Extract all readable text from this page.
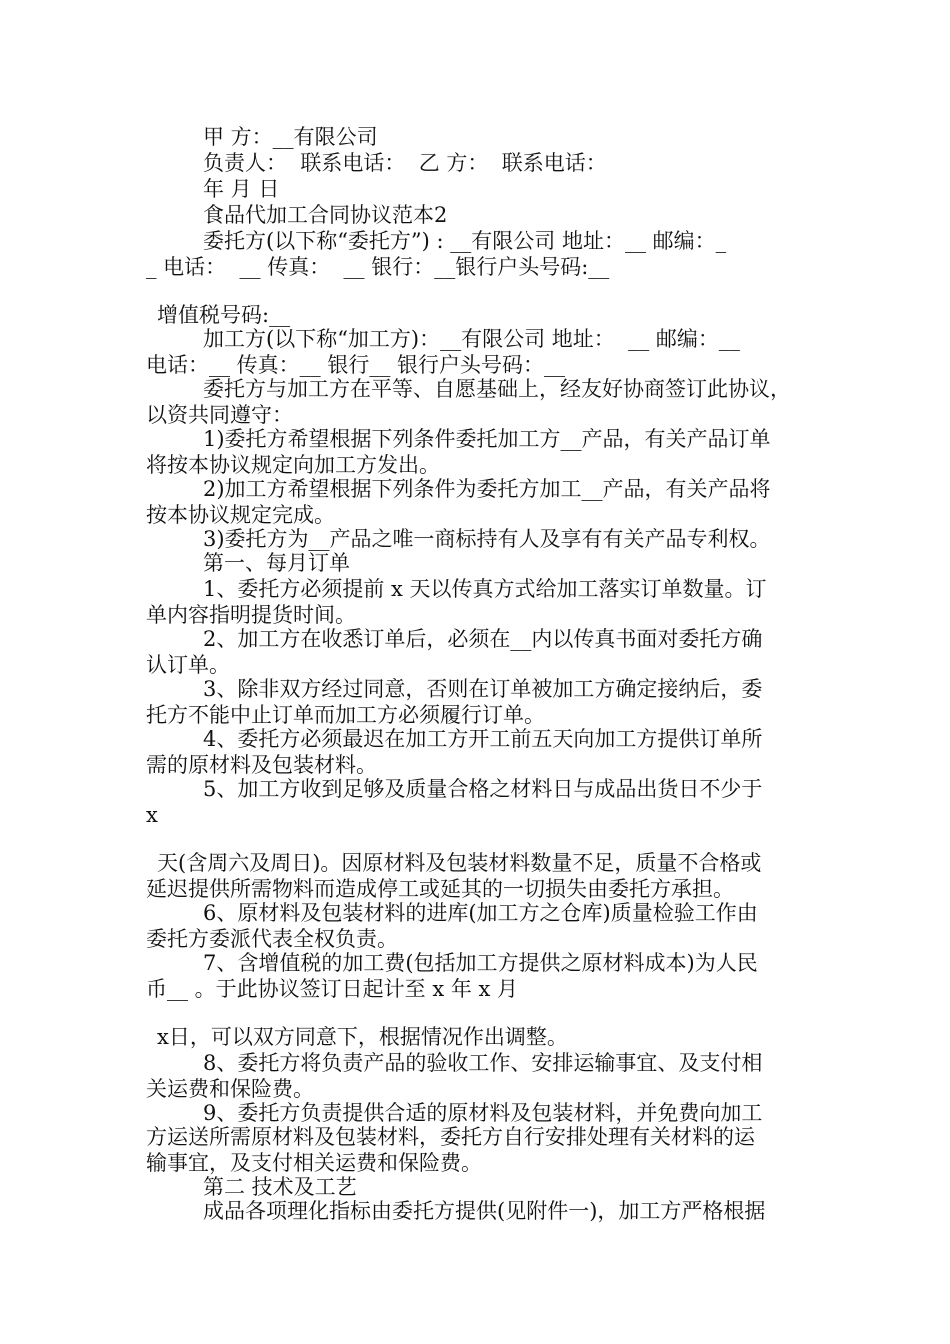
甲 方：__有限公司

负责人：  联系电话：  乙 方：  联系电话：

年 月 日

食品代加工合同协议范本2

委托方(以下称“委托方”) : __有限公司 地址：__ 邮编：_

_ 电话：  __ 传真：  __ 银行：__银行户头号码:__

增值税号码:__

加工方(以下称“加工方)：__有限公司 地址：  __ 邮编：__

电话：__ 传真：__ 银行__ 银行户头号码：__

委托方与加工方在平等、自愿基础上，经友好协商签订此协议，

以资共同遵守：

1)委托方希望根据下列条件委托加工方__产品，有关产品订单

将按本协议规定向加工方发出。

2)加工方希望根据下列条件为委托方加工__产品，有关产品将

按本协议规定完成。

3)委托方为__产品之唯一商标持有人及享有有关产品专利权。

第一、每月订单

1、委托方必须提前 x 天以传真方式给加工落实订单数量。订

单内容指明提货时间。

2、加工方在收悉订单后，必须在__内以传真书面对委托方确

认订单。

3、除非双方经过同意，否则在订单被加工方确定接纳后，委

托方不能中止订单而加工方必须履行订单。

4、委托方必须最迟在加工方开工前五天向加工方提供订单所

需的原材料及包装材料。

5、加工方收到足够及质量合格之材料日与成品出货日不少于

x

天(含周六及周日)。因原材料及包装材料数量不足，质量不合格或

延迟提供所需物料而造成停工或延其的一切损失由委托方承担。

6、原材料及包装材料的进库(加工方之仓库)质量检验工作由

委托方委派代表全权负责。

7、含增值税的加工费(包括加工方提供之原材料成本)为人民

币__ 。于此协议签订日起计至 x 年 x 月

x日，可以双方同意下，根据情况作出调整。

8、委托方将负责产品的验收工作、安排运输事宜、及支付相

关运费和保险费。

9、委托方负责提供合适的原材料及包装材料，并免费向加工

方运送所需原材料及包装材料，委托方自行安排处理有关材料的运

输事宜，及支付相关运费和保险费。

第二 技术及工艺

成品各项理化指标由委托方提供(见附件一)，加工方严格根据
